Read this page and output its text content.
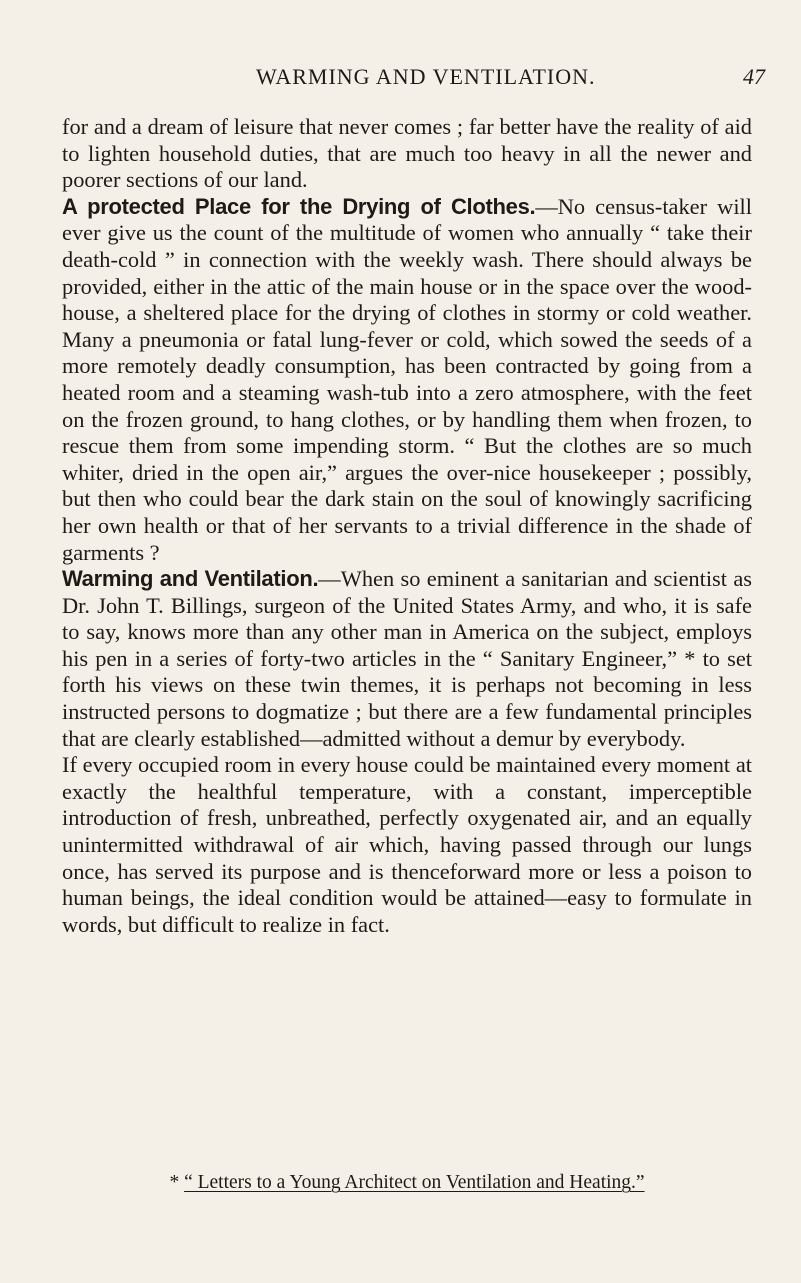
WARMING AND VENTILATION.	47

for and a dream of leisure that never comes ; far better have the reality of aid to lighten household duties, that are much too heavy in all the newer and poorer sections of our land.

A protected Place for the Drying of Clothes.—No census-taker will ever give us the count of the multitude of women who annually “ take their death-cold ” in connection with the weekly wash. There should always be provided, either in the attic of the main house or in the space over the wood-house, a sheltered place for the drying of clothes in stormy or cold weather. Many a pneumonia or fatal lung-fever or cold, which sowed the seeds of a more remotely deadly consumption, has been contracted by going from a heated room and a steaming wash-tub into a zero atmosphere, with the feet on the frozen ground, to hang clothes, or by handling them when frozen, to rescue them from some impending storm. “ But the clothes are so much whiter, dried in the open air,” argues the over-nice housekeeper ; possibly, but then who could bear the dark stain on the soul of knowingly sacrificing her own health or that of her servants to a trivial difference in the shade of garments ?

Warming and Ventilation.—When so eminent a sanitarian and scientist as Dr. John T. Billings, surgeon of the United States Army, and who, it is safe to say, knows more than any other man in America on the subject, employs his pen in a series of forty-two articles in the “ Sanitary Engineer,” * to set forth his views on these twin themes, it is perhaps not becoming in less instructed persons to dogmatize ; but there are a few fundamental principles that are clearly established—admitted without a demur by everybody.

If every occupied room in every house could be maintained every moment at exactly the healthful temperature, with a constant, imperceptible introduction of fresh, unbreathed, perfectly oxygenated air, and an equally unintermitted withdrawal of air which, having passed through our lungs once, has served its purpose and is thenceforward more or less a poison to human beings, the ideal condition would be attained—easy to formulate in words, but difficult to realize in fact.

* “ Letters to a Young Architect on Ventilation and Heating.”
